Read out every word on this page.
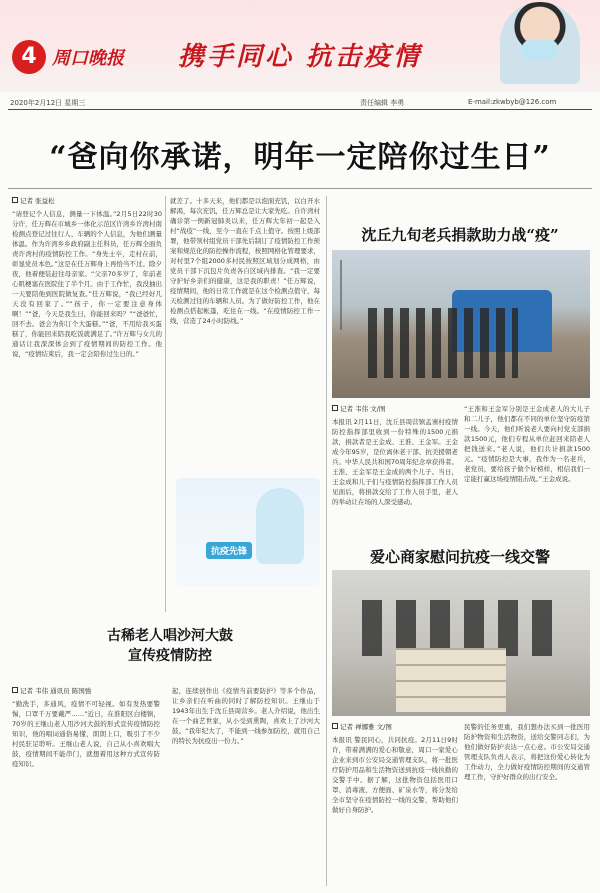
4 周口晚报 携手同心 抗击疫情
2020年2月12日 星期三	责任编辑 李勇	E-mail:zkwbyb@126.com
“爸向你承诺，明年一定陪你过生日”
记者 张益松
“请登记个人信息，测量一下体温。”2月5日22时30分许，任万辉在市城乡一体化示范区许湾乡许湾村南检测点登记过往行人、车辆的个人信息，为他们测量体温。作为许湾乡乡政府副主任科员，任万辉全面负责许湾村的疫情防控工作。“身先士卒，走村在前，彰显党员本色。”这是在任万辉身上再恰当不过。除夕夜，他着便装赶往母亲家。“父亲70多岁了，年前老心肌梗塞在医院住了半个月。由于工作忙，我没抽出一天要陪他到医院做复查。”任万辉说，“我已经好几天没有回家了。”“孩子，你一定要注意身体啊！”“爸，今天是我生日，你能回来吗？”“爸爸忙，回不去。爸会为你订个大蛋糕。”“爸，不用给我买蛋糕了，你能回来陪我吃饭就满足了。”许万辉与女儿的通话让我深深体会到了疫情期间的防控工作。他说，“疫情结束后，我一定会陪你过生日的。”
就差了。十多天来，他们都是以泡面充饥，以白开水解渴，每次充饥，任万辉总是让大家先吃。自许湾村确诊第一例新冠肺炎以来，任万辉大年初一起是入村“战疫”一线，至今一直在千点上值守。按照上级部署，他带领村组党员干部先后制订了疫情防控工作预案和规范化的防控操作流程，按照网格化管理要求，对村里7个组2000多村民按照区域划分成网格，由党员干部下沉包片负责各自区域内排查。“我一定要守护好乡亲们的健康，这是我的职责！”任万辉说，疫情期间，他的日常工作就是在这个检测点值守，每天检测过往的车辆和人员。为了做好防控工作，他在检测点搭起帐篷，吃住在一线。“在疫情防控工作一线，营造了24小时防线。”
抗疫先锋
沈丘九旬老兵捐款助力战“疫”
记者 韦伟 文/图
本报讯 2月11日，沈丘县周营镇孟寨村疫情防控指挥部里收到一份特殊的1500元捐款，捐款者是王金成、王淮、王金军。王金成今年95岁，是位离休老干部、抗美援朝老兵。中华人民共和国70周年纪念章获得者。王淮、王金军是王金成的两个儿子。当日，王金成和儿子们与疫情防控指挥部工作人员见面后，将捐款交给了工作人员手里，老人的举动让在场的人深受感动。
“王淮和王金军分别是王金成老人的大儿子和二儿子，他们都在不同的单位坚守防疫第一线。今天，他们听说老人要向村党支部捐款1500元，他们专程从单位赶回来陪老人把钱送来。”老人说，他们共计捐款1500元。“疫情防控是大事，我作为一名老兵，老党员，要给孩子做个好榜样，相信我们一定能打赢这场疫情阻击战。”王金成说。
爱心商家慰问抗疫一线交警
记者 禅娜雅 文/图
本报讯 警民同心，共同抗疫。2月11日9时许，带着满满的爱心和敬意，周口一家爱心企业来到市公安局交通管理支队，将一批医疗防护用品和生活物资送到抗疫一线执勤的交警手中。据了解，这批物资包括医用口罩、消毒液、方便面、矿泉水等，将分发给全市坚守在疫情防控一线的交警，帮助他们做好自身防护。
民警的任务更重，我们想办法买到一批医用防护物资和生活物资，送给交警同志们，为他们做好防护表达一点心意。市公安局交通管理支队负责人表示，将把这份爱心转化为工作动力，全力做好疫情防控期间的交通管理工作，守护好群众的出行安全。
古稀老人唱沙河大鼓
宣传疫情防控
记者 韦伟 通讯员 陈国強
“勤洗手，多通风，疫情不可轻视。如有发热要警惕，口罩千万要戴严……”近日，在淮阳区白楼镇，70岁的王继山老人用沙河大鼓的形式宣传疫情防控知识，他的唱词通俗易懂，朗朗上口，吸引了不少村民驻足聆听。王继山老人说，自己从小喜欢唱大鼓，疫情期间不能串门，就想着用这种方式宣传防疫知识。
起，连续创作出《疫情当前要防护》等多个作品，让乡亲们在听曲的同时了解防控知识。王继山于1943年出生于沈丘县周营乡。老人介绍说，他出生在一个曲艺世家，从小受到熏陶，喜欢上了沙河大鼓。“我年纪大了，不能到一线参加防控，就用自己的特长为抗疫出一份力。”
